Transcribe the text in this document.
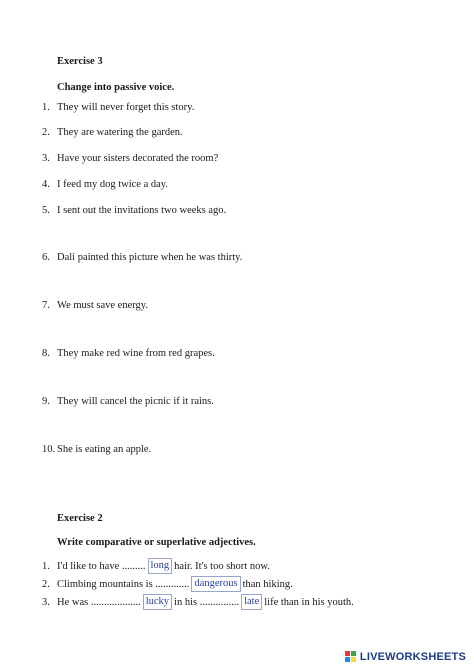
Exercise 3
Change into passive voice.
1. They will never forget this story.
2. They are watering the garden.
3. Have your sisters decorated the room?
4. I feed my dog twice a day.
5. I sent out the invitations two weeks ago.
6. Dali painted this picture when he was thirty.
7. We must save energy.
8. They make red wine from red grapes.
9. They will cancel the picnic if it rains.
10. She is eating an apple.
Exercise 2
Write comparative or superlative adjectives.
1. I'd like to have ......... long hair. It's too short now.
2. Climbing mountains is ............. dangerous than hiking.
3. He was ................... lucky in his ............... late life than in his youth.
LIVEWORKSHEETS
